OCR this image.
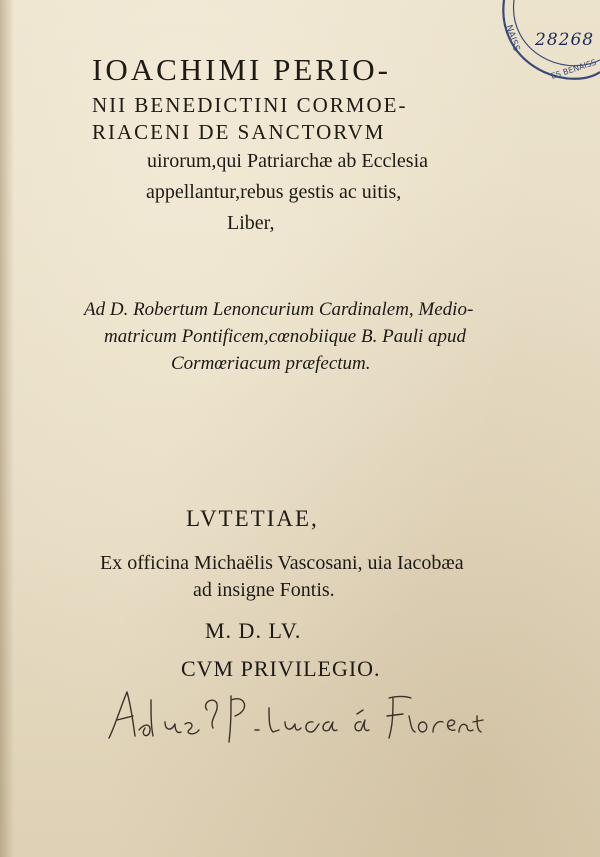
NAISS
ES BENAISS
28268
IOACHIMI PERIO-
NII BENEDICTINI CORMOE-
RIACENI DE SANCTORVM
uirorum,qui Patriarchæ ab Ecclesia
appellantur,rebus gestis ac uitis,
Liber,
Ad D. Robertum Lenoncurium Cardinalem, Medio-
matricum Pontificem,cœnobiique B. Pauli apud
Cormœriacum præfectum.
LVTETIAE,
Ex officina Michaëlis Vascosani, uia Iacobæa
ad insigne Fontis.
M. D. LV.
CVM PRIVILEGIO.
